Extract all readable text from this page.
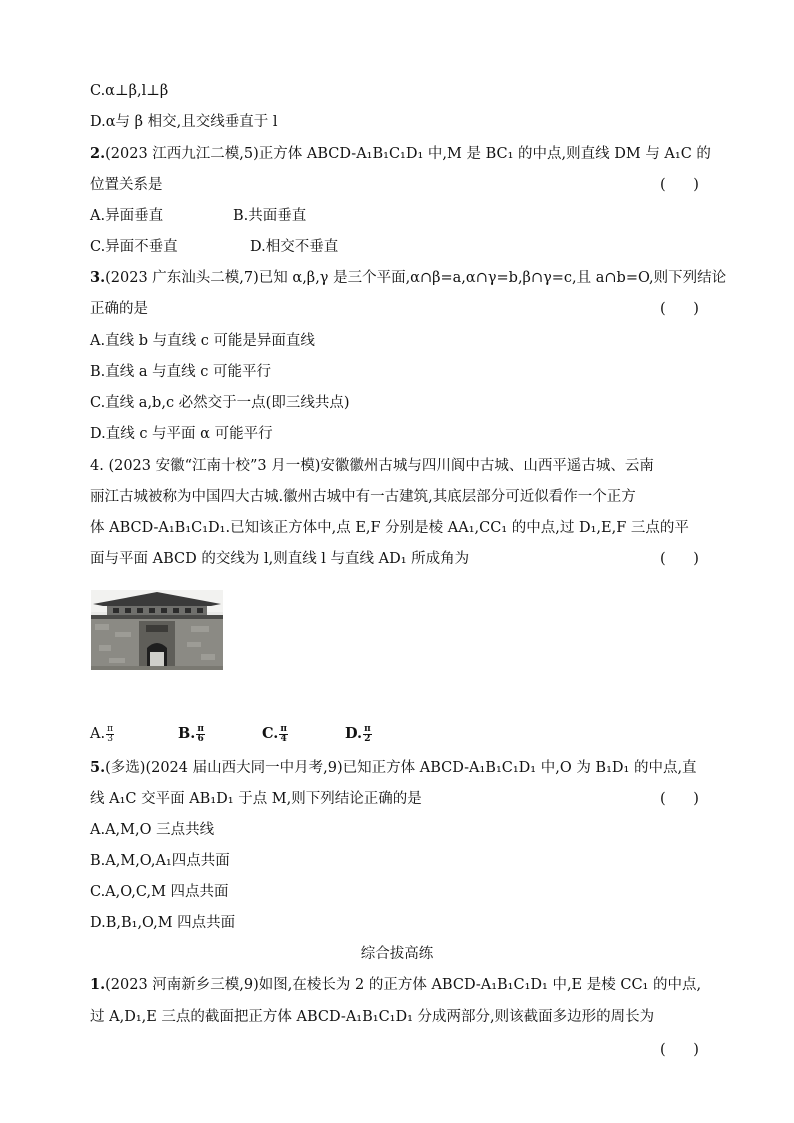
C.α⊥β,l⊥β
D.α与 β 相交,且交线垂直于 l
2.(2023 江西九江二模,5)正方体 ABCD-A₁B₁C₁D₁ 中,M 是 BC₁ 的中点,则直线 DM 与 A₁C 的
位置关系是	(      )
A.异面垂直	B.共面垂直
C.异面不垂直	D.相交不垂直
3.(2023 广东汕头二模,7)已知 α,β,γ 是三个平面,α∩β=a,α∩γ=b,β∩γ=c,且 a∩b=O,则下列结论
正确的是	(      )
A.直线 b 与直线 c 可能是异面直线
B.直线 a 与直线 c 可能平行
C.直线 a,b,c 必然交于一点(即三线共点)
D.直线 c 与平面 α 可能平行
4. (2023 安徽“江南十校”3 月一模)安徽徽州古城与四川阆中古城、山西平遥古城、云南
丽江古城被称为中国四大古城.徽州古城中有一古建筑,其底层部分可近似看作一个正方
体 ABCD-A₁B₁C₁D₁.已知该正方体中,点 E,F 分别是棱 AA₁,CC₁ 的中点,过 D₁,E,F 三点的平
面与平面 ABCD 的交线为 l,则直线 l 与直线 AD₁ 所成角为	(      )
A. $\frac{\pi}{3}$	B. $\frac{\pi}{6}$	C. $\frac{\pi}{4}$	D. $\frac{\pi}{2}$
5.(多选)(2024 届山西大同一中月考,9)已知正方体 ABCD-A₁B₁C₁D₁ 中,O 为 B₁D₁ 的中点,直
线 A₁C 交平面 AB₁D₁ 于点 M,则下列结论正确的是	(      )
A.A,M,O 三点共线
B.A,M,O,A₁四点共面
C.A,O,C,M 四点共面
D.B,B₁,O,M 四点共面
综合拔高练
1.(2023 河南新乡三模,9)如图,在棱长为 2 的正方体 ABCD-A₁B₁C₁D₁ 中,E 是棱 CC₁ 的中点,
过 A,D₁,E 三点的截面把正方体 ABCD-A₁B₁C₁D₁ 分成两部分,则该截面多边形的周长为
(      )
